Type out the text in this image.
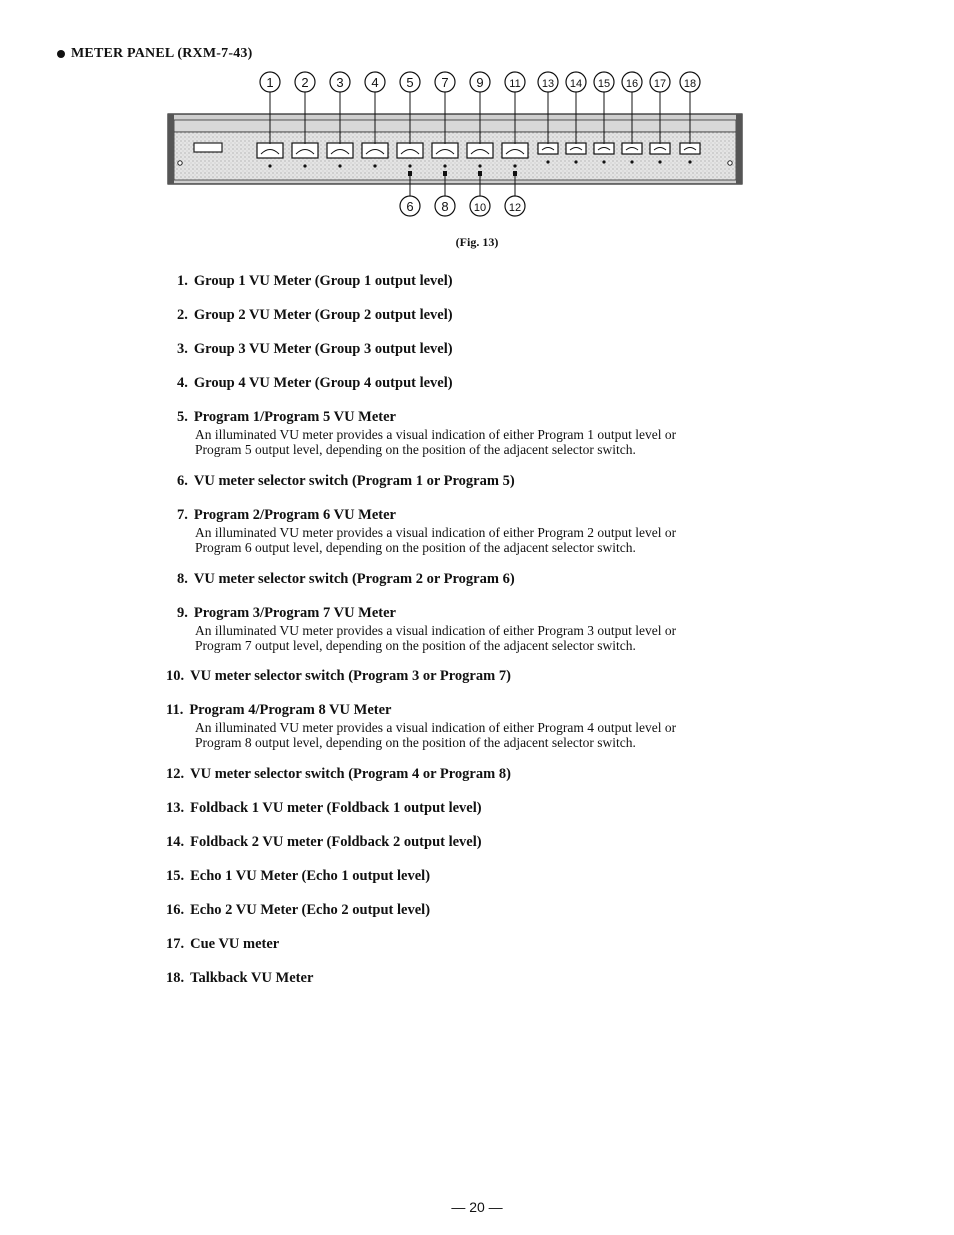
METER PANEL (RXM-7-43)
1 2 3 4 5 7 9 11 13 14 15 16 17 18
6 8 10 12
(Fig. 13)
1. Group 1 VU Meter (Group 1 output level)
2. Group 2 VU Meter (Group 2 output level)
3. Group 3 VU Meter (Group 3 output level)
4. Group 4 VU Meter (Group 4 output level)
5. Program 1/Program 5 VU Meter
An illuminated VU meter provides a visual indication of either Program 1 output level or
Program 5 output level, depending on the position of the adjacent selector switch.
6. VU meter selector switch (Program 1 or Program 5)
7. Program 2/Program 6 VU Meter
An illuminated VU meter provides a visual indication of either Program 2 output level or
Program 6 output level, depending on the position of the adjacent selector switch.
8. VU meter selector switch (Program 2 or Program 6)
9. Program 3/Program 7 VU Meter
An illuminated VU meter provides a visual indication of either Program 3 output level or
Program 7 output level, depending on the position of the adjacent selector switch.
10. VU meter selector switch (Program 3 or Program 7)
11. Program 4/Program 8 VU Meter
An illuminated VU meter provides a visual indication of either Program 4 output level or
Program 8 output level, depending on the position of the adjacent selector switch.
12. VU meter selector switch (Program 4 or Program 8)
13. Foldback 1 VU meter (Foldback 1 output level)
14. Foldback 2 VU meter (Foldback 2 output level)
15. Echo 1 VU Meter (Echo 1 output level)
16. Echo 2 VU Meter (Echo 2 output level)
17. Cue VU meter
18. Talkback VU Meter
— 20 —
